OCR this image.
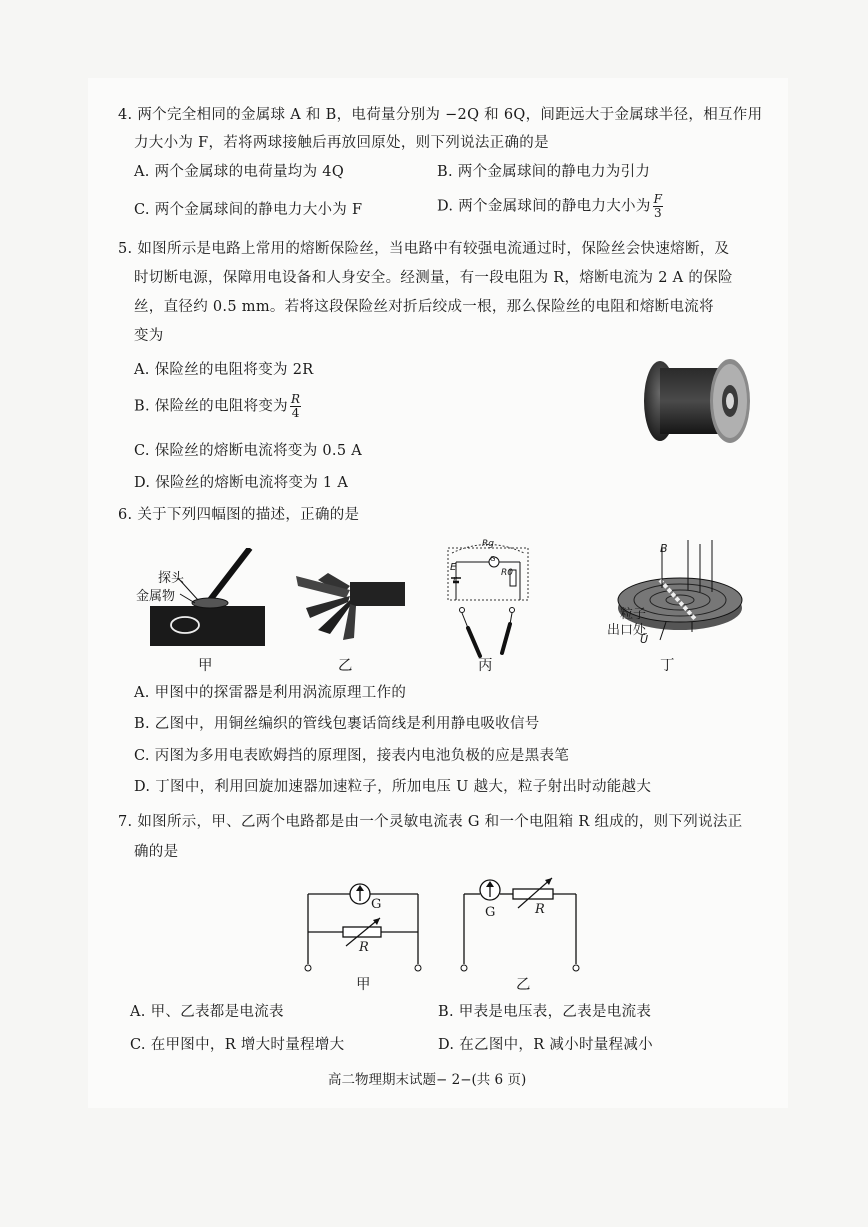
4. 两个完全相同的金属球 A 和 B，电荷量分别为 −2Q 和 6Q，间距远大于金属球半径，相互作用
力大小为 F，若将两球接触后再放回原处，则下列说法正确的是
A. 两个金属球的电荷量均为 4Q	B. 两个金属球间的静电力为引力
C. 两个金属球间的静电力大小为 F	D. 两个金属球间的静电力大小为 $\frac{F}{3}$
5. 如图所示是电路上常用的熔断保险丝，当电路中有较强电流通过时，保险丝会快速熔断，及
时切断电源，保障用电设备和人身安全。经测量，有一段电阻为 R，熔断电流为 2 A 的保险
丝，直径约 0.5 mm。若将这段保险丝对折后绞成一根，那么保险丝的电阻和熔断电流将
变为
A. 保险丝的电阻将变为 2R
B. 保险丝的电阻将变为 $\frac{R}{4}$
C. 保险丝的熔断电流将变为 0.5 A
D. 保险丝的熔断电流将变为 1 A
6. 关于下列四幅图的描述，正确的是
探头
金属物
甲	乙
Rg
E
r
R0
G
丙
B
粒子
出口处
Ũ
丁
A. 甲图中的探雷器是利用涡流原理工作的
B. 乙图中，用铜丝编织的管线包裹话筒线是利用静电吸收信号
C. 丙图为多用电表欧姆挡的原理图，接表内电池负极的应是黑表笔
D. 丁图中，利用回旋加速器加速粒子，所加电压 U 越大，粒子射出时动能越大
7. 如图所示，甲、乙两个电路都是由一个灵敏电流表 G 和一个电阻箱 R 组成的，则下列说法正
确的是
G
R
甲
G	R
乙
A. 甲、乙表都是电流表	B. 甲表是电压表，乙表是电流表
C. 在甲图中，R 增大时量程增大	D. 在乙图中，R 减小时量程减小
高二物理期末试题− 2−(共 6 页)
